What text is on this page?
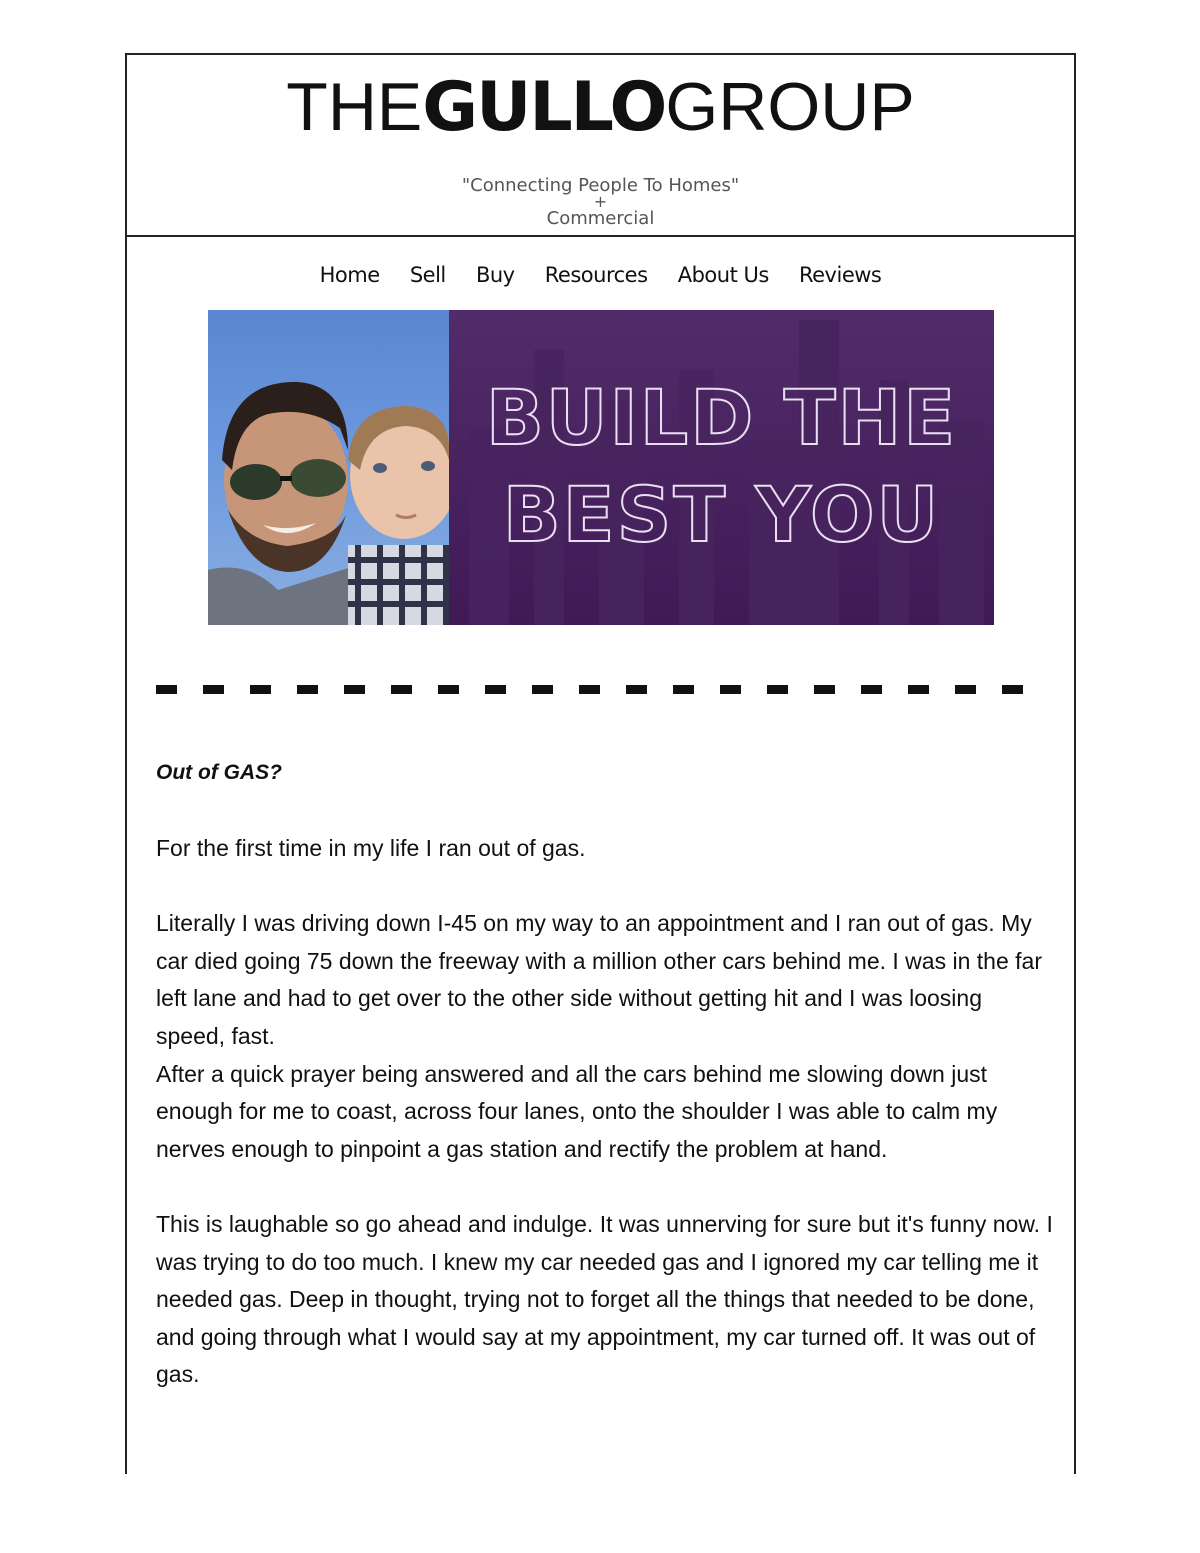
THEGULLOGROUP
"Connecting People To Homes"
+
Commercial
Home Sell Buy Resources About Us Reviews
BUILD THE
BEST YOU
Out of GAS?

For the first time in my life I ran out of gas.

Literally I was driving down I-45 on my way to an appointment and I ran out of gas. My car died going 75 down the freeway with a million other cars behind me. I was in the far left lane and had to get over to the other side without getting hit and I was loosing speed, fast.

After a quick prayer being answered and all the cars behind me slowing down just enough for me to coast, across four lanes, onto the shoulder I was able to calm my nerves enough to pinpoint a gas station and rectify the problem at hand.

This is laughable so go ahead and indulge. It was unnerving for sure but it's funny now. I was trying to do too much. I knew my car needed gas and I ignored my car telling me it needed gas. Deep in thought, trying not to forget all the things that needed to be done, and going through what I would say at my appointment, my car turned off. It was out of gas.
